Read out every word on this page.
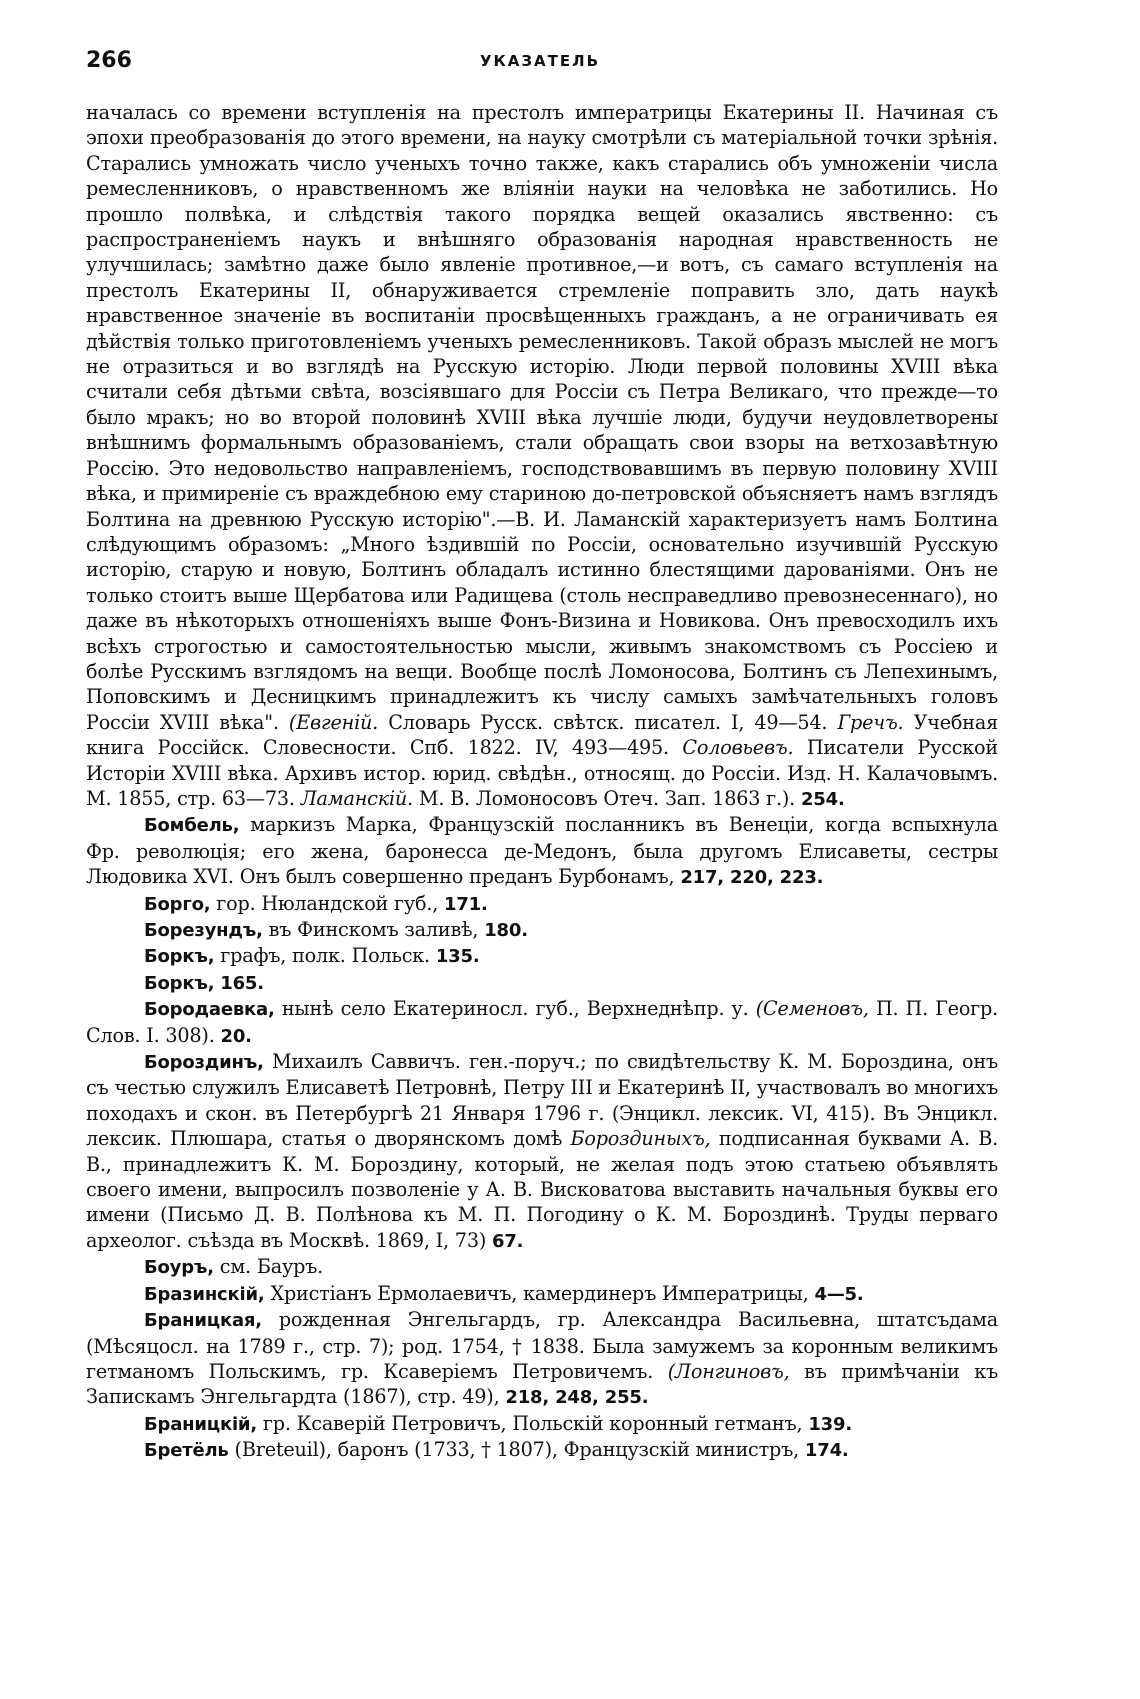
266	УКАЗАТЕЛЬ

началась со времени вступленія на престолъ императрицы Екатерины II. Начиная съ эпохи преобразованія до этого времени, на науку смотрѣли съ матеріальной точки зрѣнія. Старались умножать число ученыхъ точно также, какъ старались объ умноженіи числа ремесленниковъ, о нравственномъ же вліяніи науки на человѣка не заботились. Но прошло полвѣка, и слѣдствія такого порядка вещей оказались явственно: съ распространеніемъ наукъ и внѣшняго образованія народная нравственность не улучшилась; замѣтно даже было явленіе противное,—и вотъ, съ самаго вступленія на престолъ Екатерины II, обнаруживается стремленіе поправить зло, дать наукѣ нравственное значеніе въ воспитаніи просвѣщенныхъ гражданъ, а не ограничивать ея дѣйствія только приготовленіемъ ученыхъ ремесленниковъ. Такой образъ мыслей не могъ не отразиться и во взглядѣ на Русскую исторію. Люди первой половины XVIII вѣка считали себя дѣтьми свѣта, возсіявшаго для Россіи съ Петра Великаго, что прежде—то было мракъ; но во второй половинѣ XVIII вѣка лучшіе люди, будучи неудовлетворены внѣшнимъ формальнымъ образованіемъ, стали обращать свои взоры на ветхозавѣтную Россію. Это недовольство направленіемъ, господствовавшимъ въ первую половину XVIII вѣка, и примиреніе съ враждебною ему стариною до-петровской объясняетъ намъ взглядъ Болтина на древнюю Русскую исторію".—В. И. Ламанскій характеризуетъ намъ Болтина слѣдующимъ образомъ: „Много ѣздившій по Россіи, основательно изучившій Русскую исторію, старую и новую, Болтинъ обладалъ истинно блестящими дарованіями. Онъ не только стоитъ выше Щербатова или Радищева (столь несправедливо превознесеннаго), но даже въ нѣкоторыхъ отношеніяхъ выше Фонъ-Визина и Новикова. Онъ превосходилъ ихъ всѣхъ строгостью и самостоятельностью мысли, живымъ знакомствомъ съ Россіею и болѣе Русскимъ взглядомъ на вещи. Вообще послѣ Ломоносова, Болтинъ съ Лепехинымъ, Поповскимъ и Десницкимъ принадлежитъ къ числу самыхъ замѣчательныхъ головъ Россіи XVIII вѣка". (Евгеній. Словарь Русск. свѣтск. писател. I, 49—54. Гречъ. Учебная книга Россійск. Словесности. Спб. 1822. IV, 493—495. Соловьевъ. Писатели Русской Исторіи XVIII вѣка. Архивъ истор. юрид. свѣдѣн., относящ. до Россіи. Изд. Н. Калачовымъ. М. 1855, стр. 63—73. Ламанскій. М. В. Ломоносовъ Отеч. Зап. 1863 г.). 254.

Бомбель, маркизъ Марка, Французскій посланникъ въ Венеціи, когда вспыхнула Фр. революція; его жена, баронесса де-Медонъ, была другомъ Елисаветы, сестры Людовика XVI. Онъ былъ совершенно преданъ Бурбонамъ, 217, 220, 223.

Борго, гор. Нюландской губ., 171.

Борезундъ, въ Финскомъ заливѣ, 180.

Боркъ, графъ, полк. Польск. 135.

Боркъ, 165.

Бородаевка, нынѣ село Екатериносл. губ., Верхнеднѣпр. у. (Семеновъ, П. П. Геогр. Слов. I. 308). 20.

Бороздинъ, Михаилъ Саввичъ. ген.-поруч.; по свидѣтельству К. М. Бороздина, онъ съ честью служилъ Елисаветѣ Петровнѣ, Петру III и Екатеринѣ II, участвовалъ во многихъ походахъ и скон. въ Петербургѣ 21 Января 1796 г. (Энцикл. лексик. VI, 415). Въ Энцикл. лексик. Плюшара, статья о дворянскомъ домѣ Бороздиныхъ, подписанная буквами А. В. В., принадлежитъ К. М. Бороздину, который, не желая подъ этою статьею объявлять своего имени, выпросилъ позволеніе у А. В. Висковатова выставить начальныя буквы его имени (Письмо Д. В. Полѣнова къ М. П. Погодину о К. М. Бороздинѣ. Труды перваго археолог. съѣзда въ Москвѣ. 1869, I, 73) 67.

Боуръ, см. Бауръ.

Бразинскій, Христіанъ Ермолаевичъ, камердинеръ Императрицы, 4—5.

Браницкая, рожденная Энгельгардъ, гр. Александра Васильевна, штатсъдама (Мѣсяцосл. на 1789 г., стр. 7); род. 1754, † 1838. Была замужемъ за коронным великимъ гетманомъ Польскимъ, гр. Ксаверіемъ Петровичемъ. (Лонгиновъ, въ примѣчаніи къ Запискамъ Энгельгардта (1867), стр. 49), 218, 248, 255.

Браницкій, гр. Ксаверій Петровичъ, Польскій коронный гетманъ, 139.

Бретёль (Breteuil), баронъ (1733, † 1807), Французскій министръ, 174.
